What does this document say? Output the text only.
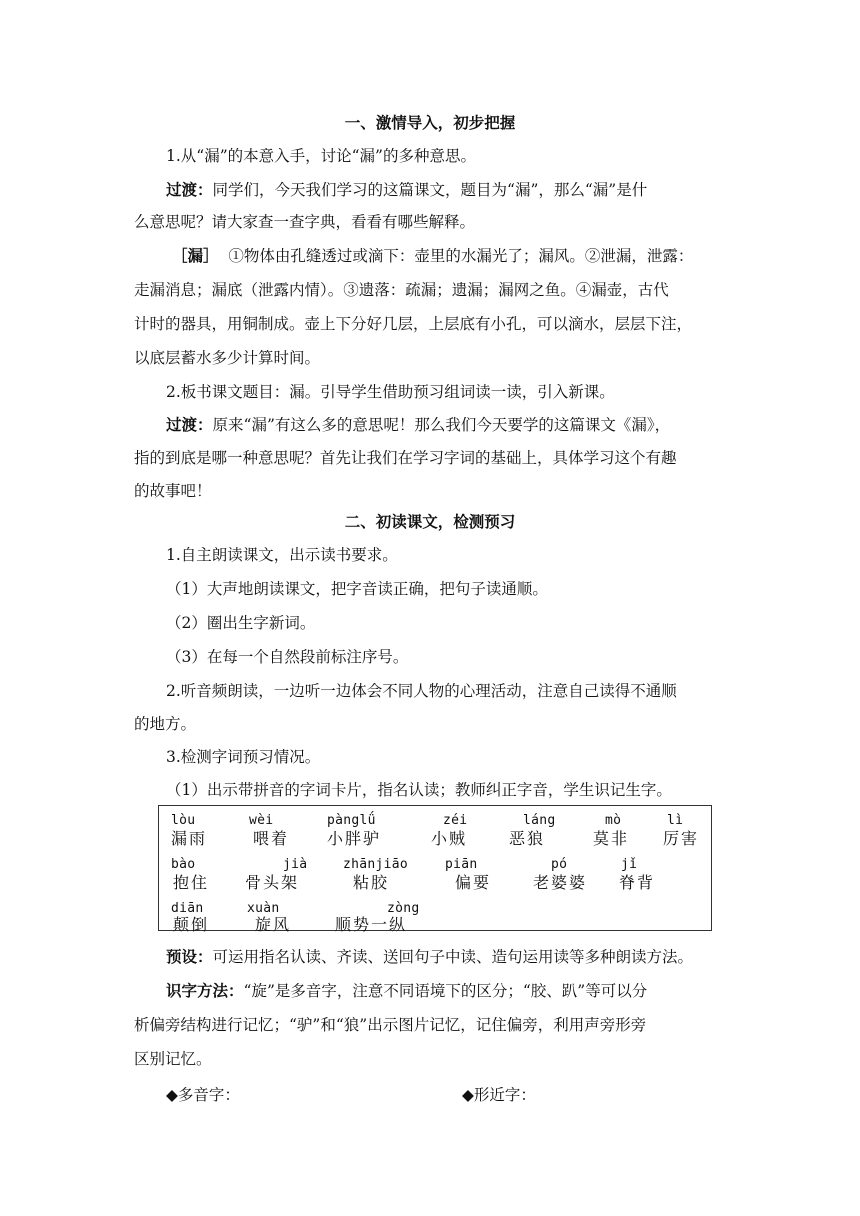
一、激情导入，初步把握
1.从“漏”的本意入手，讨论“漏”的多种意思。
过渡：同学们，今天我们学习的这篇课文，题目为“漏”，那么“漏”是什
么意思呢？请大家查一查字典，看看有哪些解释。
［漏］ ①物体由孔缝透过或滴下：壶里的水漏光了；漏风。②泄漏，泄露：
走漏消息；漏底（泄露内情）。③遗落：疏漏；遗漏；漏网之鱼。④漏壶，古代
计时的器具，用铜制成。壶上下分好几层，上层底有小孔，可以滴水，层层下注，
以底层蓄水多少计算时间。
2.板书课文题目：漏。引导学生借助预习组词读一读，引入新课。
过渡：原来“漏”有这么多的意思呢！那么我们今天要学的这篇课文《漏》，
指的到底是哪一种意思呢？首先让我们在学习字词的基础上，具体学习这个有趣
的故事吧！
二、初读课文，检测预习
1.自主朗读课文，出示读书要求。
（1）大声地朗读课文，把字音读正确，把句子读通顺。
（2）圈出生字新词。
（3）在每一个自然段前标注序号。
2.听音频朗读，一边听一边体会不同人物的心理活动，注意自己读得不通顺
的地方。
3.检测字词预习情况。
（1）出示带拼音的字词卡片，指名认读；教师纠正字音，学生识记生字。
lòu
漏雨
wèi
喂着
pànglǘ
小胖驴
zéi
小贼
láng
恶狼
mò
莫非
lì
厉害
bào
抱住
jià
骨头架
zhānjiāo
粘胶
piān
偏要
pó
老婆婆
jǐ
脊背
diān
颠倒
xuàn
旋风
zòng
顺势一纵
预设：可运用指名认读、齐读、送回句子中读、造句运用读等多种朗读方法。
识字方法：“旋”是多音字，注意不同语境下的区分；“胶、趴”等可以分
析偏旁结构进行记忆；“驴”和“狼”出示图片记忆，记住偏旁，利用声旁形旁
区别记忆。
◆多音字：	◆形近字：
